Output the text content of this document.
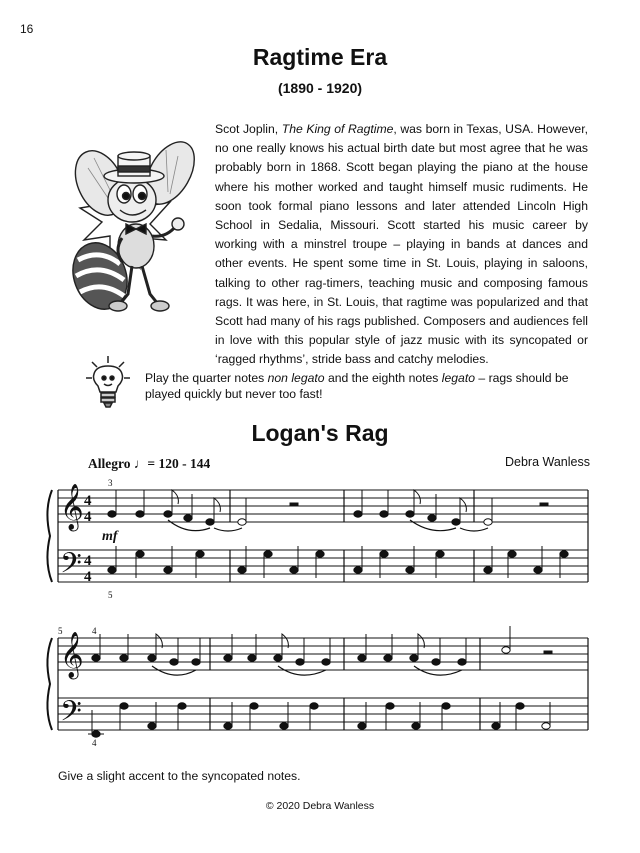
16
Ragtime Era
(1890 - 1920)

Scot Joplin, The King of Ragtime, was born in Texas, USA. However, no one really knows his actual birth date but most agree that he was probably born in 1868. Scott began playing the piano at the house where his mother worked and taught himself music rudiments. He soon took formal piano lessons and later attended Lincoln High School in Sedalia, Missouri. Scott started his music career by working with a minstrel troupe – playing in bands at dances and other events. He spent some time in St. Louis, playing in saloons, talking to other rag-timers, teaching music and composing famous rags. It was here, in St. Louis, that ragtime was popularized and that Scott had many of his rags published. Composers and audiences fell in love with this popular style of jazz music with its syncopated or ‘ragged rhythms’, stride bass and catchy melodies.

Play the quarter notes non legato and the eighth notes legato – rags should be played quickly but never too fast!
Logan's Rag
Allegro ♩= 120 - 144	Debra Wanless
𝄞
𝄢
𝄞
𝄢
4
4
4
4
mf
3
5
5	4
4
Give a slight accent to the syncopated notes.
© 2020 Debra Wanless
